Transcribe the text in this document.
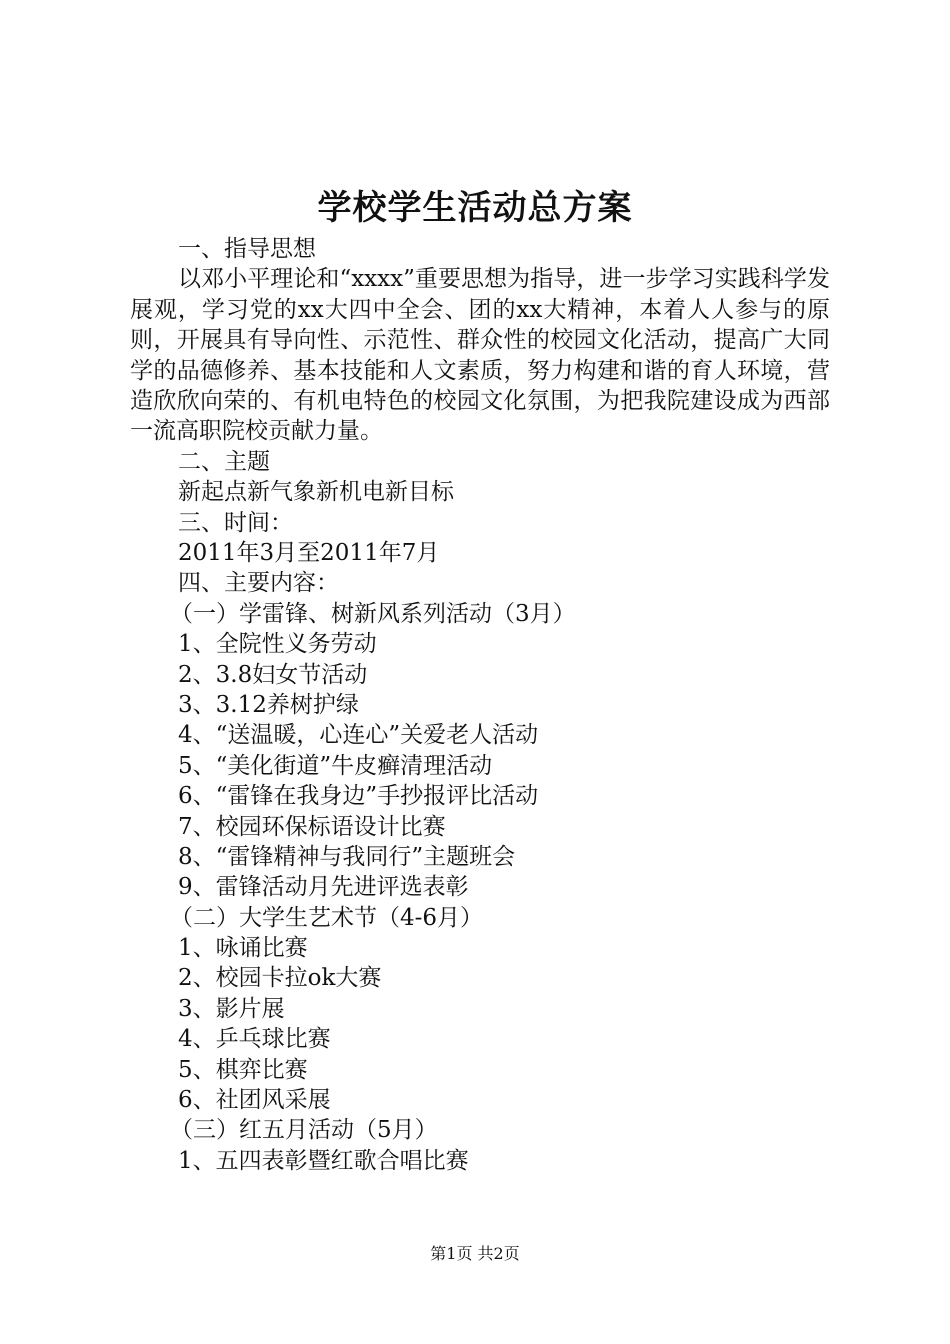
学校学生活动总方案
一、指导思想
以邓小平理论和“xxxx”重要思想为指导，进一步学习实践科学发展观，学习党的xx大四中全会、团的xx大精神，本着人人参与的原则，开展具有导向性、示范性、群众性的校园文化活动，提高广大同学的品德修养、基本技能和人文素质，努力构建和谐的育人环境，营造欣欣向荣的、有机电特色的校园文化氛围，为把我院建设成为西部一流高职院校贡献力量。
二、主题
新起点新气象新机电新目标
三、时间：
2011年3月至2011年7月
四、主要内容：
（一）学雷锋、树新风系列活动（3月）
1、全院性义务劳动
2、3.8妇女节活动
3、3.12养树护绿
4、“送温暖，心连心”关爱老人活动
5、“美化街道”牛皮癣清理活动
6、“雷锋在我身边”手抄报评比活动
7、校园环保标语设计比赛
8、“雷锋精神与我同行”主题班会
9、雷锋活动月先进评选表彰
（二）大学生艺术节（4-6月）
1、咏诵比赛
2、校园卡拉ok大赛
3、影片展
4、乒乓球比赛
5、棋弈比赛
6、社团风采展
（三）红五月活动（5月）
1、五四表彰暨红歌合唱比赛
第1页 共2页
